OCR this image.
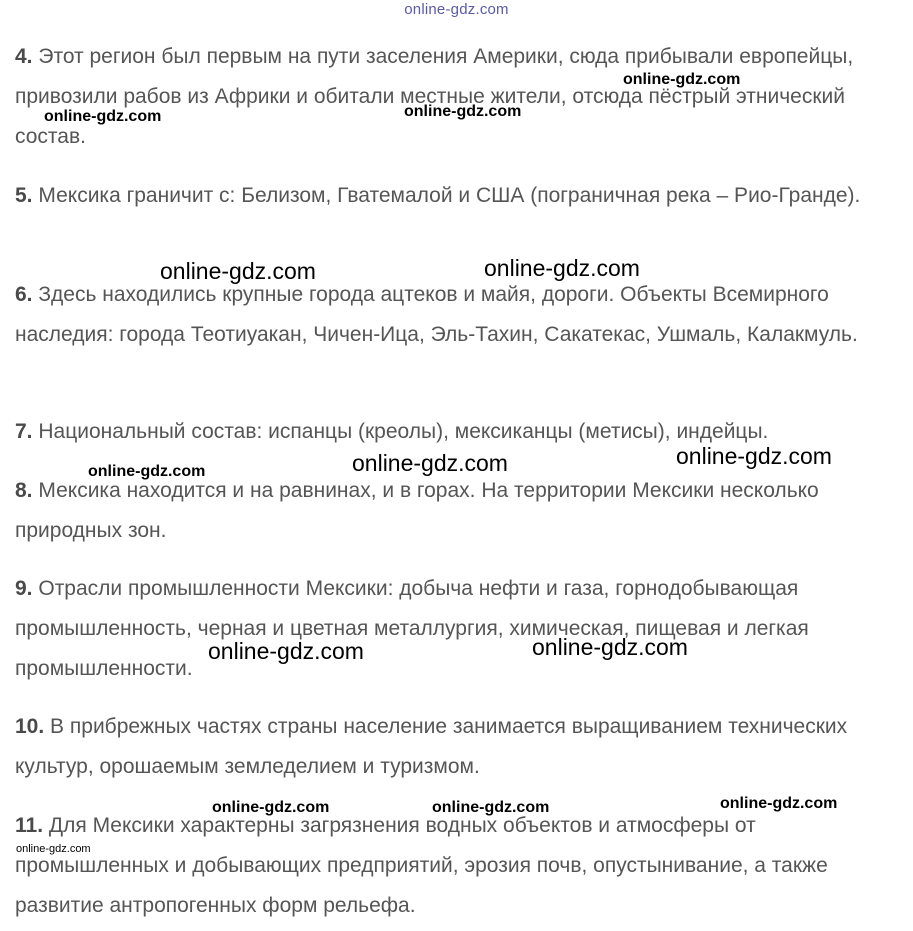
online-gdz.com

4. Этот регион был первым на пути заселения Америки, сюда прибывали европейцы, привозили рабов из Африки и обитали местные жители, отсюда пёстрый этнический состав.

5. Мексика граничит с: Белизом, Гватемалой и США (пограничная река – Рио-Гранде).

6. Здесь находились крупные города ацтеков и майя, дороги. Объекты Всемирного наследия: города Теотиуакан, Чичен-Ица, Эль-Тахин, Сакатекас, Ушмаль, Калакмуль.

7. Национальный состав: испанцы (креолы), мексиканцы (метисы), индейцы.

8. Мексика находится и на равнинах, и в горах. На территории Мексики несколько природных зон.

9. Отрасли промышленности Мексики: добыча нефти и газа, горнодобывающая промышленность, черная и цветная металлургия, химическая, пищевая и легкая промышленности.

10. В прибрежных частях страны население занимается выращиванием технических культур, орошаемым земледелием и туризмом.

11. Для Мексики характерны загрязнения водных объектов и атмосферы от промышленных и добывающих предприятий, эрозия почв, опустынивание, а также развитие антропогенных форм рельефа.

online-gdz.com
online-gdz.com	online-gdz.com
online-gdz.com	online-gdz.com
online-gdz.com	online-gdz.com	online-gdz.com
online-gdz.com	online-gdz.com
online-gdz.com	online-gdz.com	online-gdz.com
online-gdz.com
